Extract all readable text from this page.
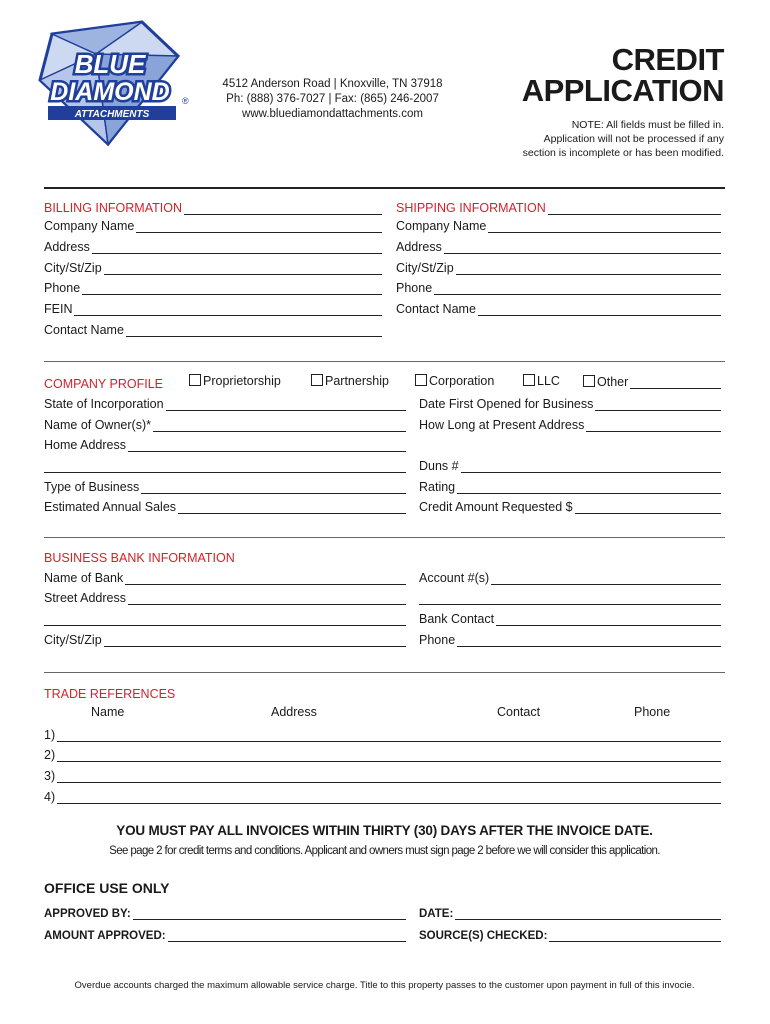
BLUE
DIAMOND
ATTACHMENTS
®
4512 Anderson Road | Knoxville, TN 37918
Ph: (888) 376-7027 | Fax: (865) 246-2007
www.bluediamondattachments.com
CREDIT
APPLICATION
NOTE: All fields must be filled in.
Application will not be processed if any
section is incomplete or has been modified.
BILLING INFORMATION
Company Name
Address
City/St/Zip
Phone
FEIN
Contact Name
SHIPPING INFORMATION
Company Name
Address
City/St/Zip
Phone
Contact Name
COMPANY PROFILE	Proprietorship	Partnership	Corporation	LLC	Other
State of Incorporation	Date First Opened for Business
Name of Owner(s)*	How Long at Present Address
Home Address
Duns #
Type of Business	Rating
Estimated Annual Sales	Credit Amount Requested $
BUSINESS BANK INFORMATION
Name of Bank	Account #(s)
Street Address
Bank Contact
City/St/Zip	Phone
TRADE REFERENCES
Name	Address	Contact	Phone
1)
2)
3)
4)
YOU MUST PAY ALL INVOICES WITHIN THIRTY (30) DAYS AFTER THE INVOICE DATE.
See page 2 for credit terms and conditions. Applicant and owners must sign page 2 before we will consider this application.
OFFICE USE ONLY
APPROVED BY:	DATE:
AMOUNT APPROVED:	SOURCE(S) CHECKED:
Overdue accounts charged the maximum allowable service charge. Title to this property passes to the customer upon payment in full of this invocie.
